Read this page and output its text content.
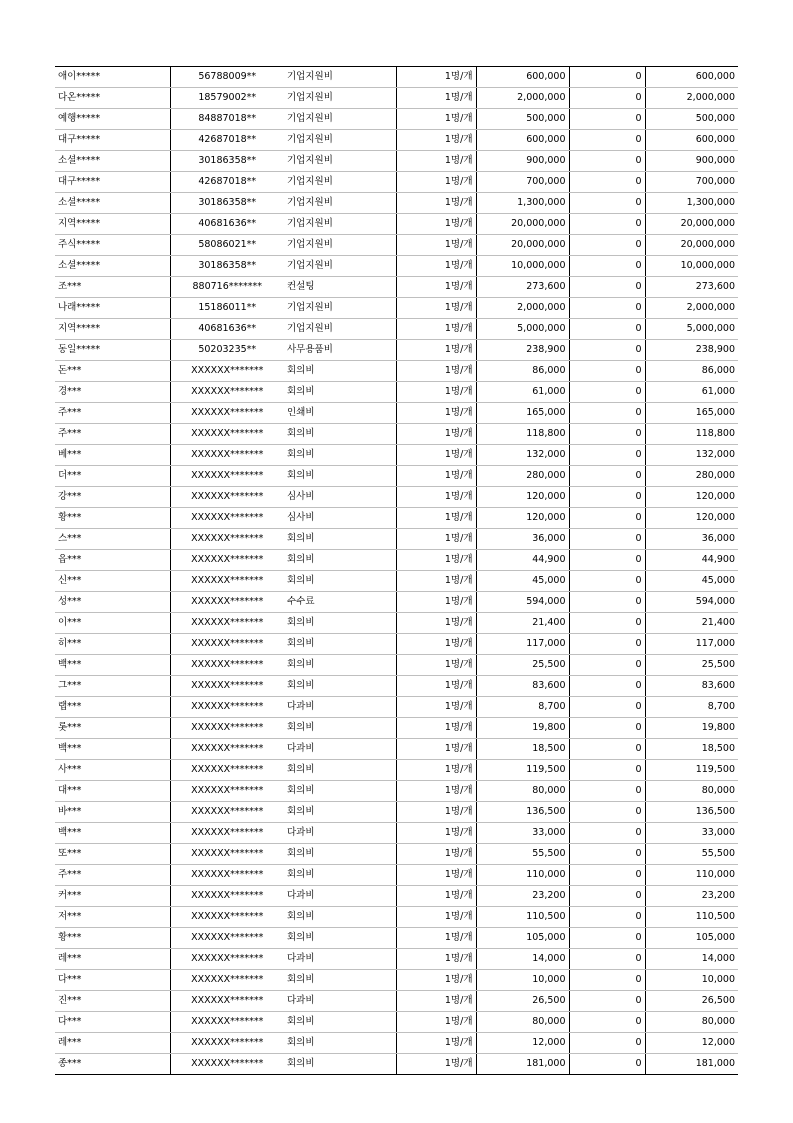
애이*****	56788009**	기업지원비	1명/개	600,000	0	600,000
다온*****	18579002**	기업지원비	1명/개	2,000,000	0	2,000,000
예행*****	84887018**	기업지원비	1명/개	500,000	0	500,000
대구*****	42687018**	기업지원비	1명/개	600,000	0	600,000
소셜*****	30186358**	기업지원비	1명/개	900,000	0	900,000
대구*****	42687018**	기업지원비	1명/개	700,000	0	700,000
소셜*****	30186358**	기업지원비	1명/개	1,300,000	0	1,300,000
지역*****	40681636**	기업지원비	1명/개	20,000,000	0	20,000,000
주식*****	58086021**	기업지원비	1명/개	20,000,000	0	20,000,000
소셜*****	30186358**	기업지원비	1명/개	10,000,000	0	10,000,000
조***	880716*******	컨설팅	1명/개	273,600	0	273,600
나래*****	15186011**	기업지원비	1명/개	2,000,000	0	2,000,000
지역*****	40681636**	기업지원비	1명/개	5,000,000	0	5,000,000
동일*****	50203235**	사무용품비	1명/개	238,900	0	238,900
돈***	XXXXXX*******	회의비	1명/개	86,000	0	86,000
경***	XXXXXX*******	회의비	1명/개	61,000	0	61,000
주***	XXXXXX*******	인쇄비	1명/개	165,000	0	165,000
주***	XXXXXX*******	회의비	1명/개	118,800	0	118,800
베***	XXXXXX*******	회의비	1명/개	132,000	0	132,000
더***	XXXXXX*******	회의비	1명/개	280,000	0	280,000
강***	XXXXXX*******	심사비	1명/개	120,000	0	120,000
황***	XXXXXX*******	심사비	1명/개	120,000	0	120,000
스***	XXXXXX*******	회의비	1명/개	36,000	0	36,000
읍***	XXXXXX*******	회의비	1명/개	44,900	0	44,900
신***	XXXXXX*******	회의비	1명/개	45,000	0	45,000
성***	XXXXXX*******	수수료	1명/개	594,000	0	594,000
이***	XXXXXX*******	회의비	1명/개	21,400	0	21,400
히***	XXXXXX*******	회의비	1명/개	117,000	0	117,000
백***	XXXXXX*******	회의비	1명/개	25,500	0	25,500
그***	XXXXXX*******	회의비	1명/개	83,600	0	83,600
랩***	XXXXXX*******	다과비	1명/개	8,700	0	8,700
롯***	XXXXXX*******	회의비	1명/개	19,800	0	19,800
백***	XXXXXX*******	다과비	1명/개	18,500	0	18,500
사***	XXXXXX*******	회의비	1명/개	119,500	0	119,500
대***	XXXXXX*******	회의비	1명/개	80,000	0	80,000
바***	XXXXXX*******	회의비	1명/개	136,500	0	136,500
백***	XXXXXX*******	다과비	1명/개	33,000	0	33,000
또***	XXXXXX*******	회의비	1명/개	55,500	0	55,500
주***	XXXXXX*******	회의비	1명/개	110,000	0	110,000
커***	XXXXXX*******	다과비	1명/개	23,200	0	23,200
저***	XXXXXX*******	회의비	1명/개	110,500	0	110,500
황***	XXXXXX*******	회의비	1명/개	105,000	0	105,000
레***	XXXXXX*******	다과비	1명/개	14,000	0	14,000
다***	XXXXXX*******	회의비	1명/개	10,000	0	10,000
진***	XXXXXX*******	다과비	1명/개	26,500	0	26,500
다***	XXXXXX*******	회의비	1명/개	80,000	0	80,000
레***	XXXXXX*******	회의비	1명/개	12,000	0	12,000
종***	XXXXXX*******	회의비	1명/개	181,000	0	181,000
